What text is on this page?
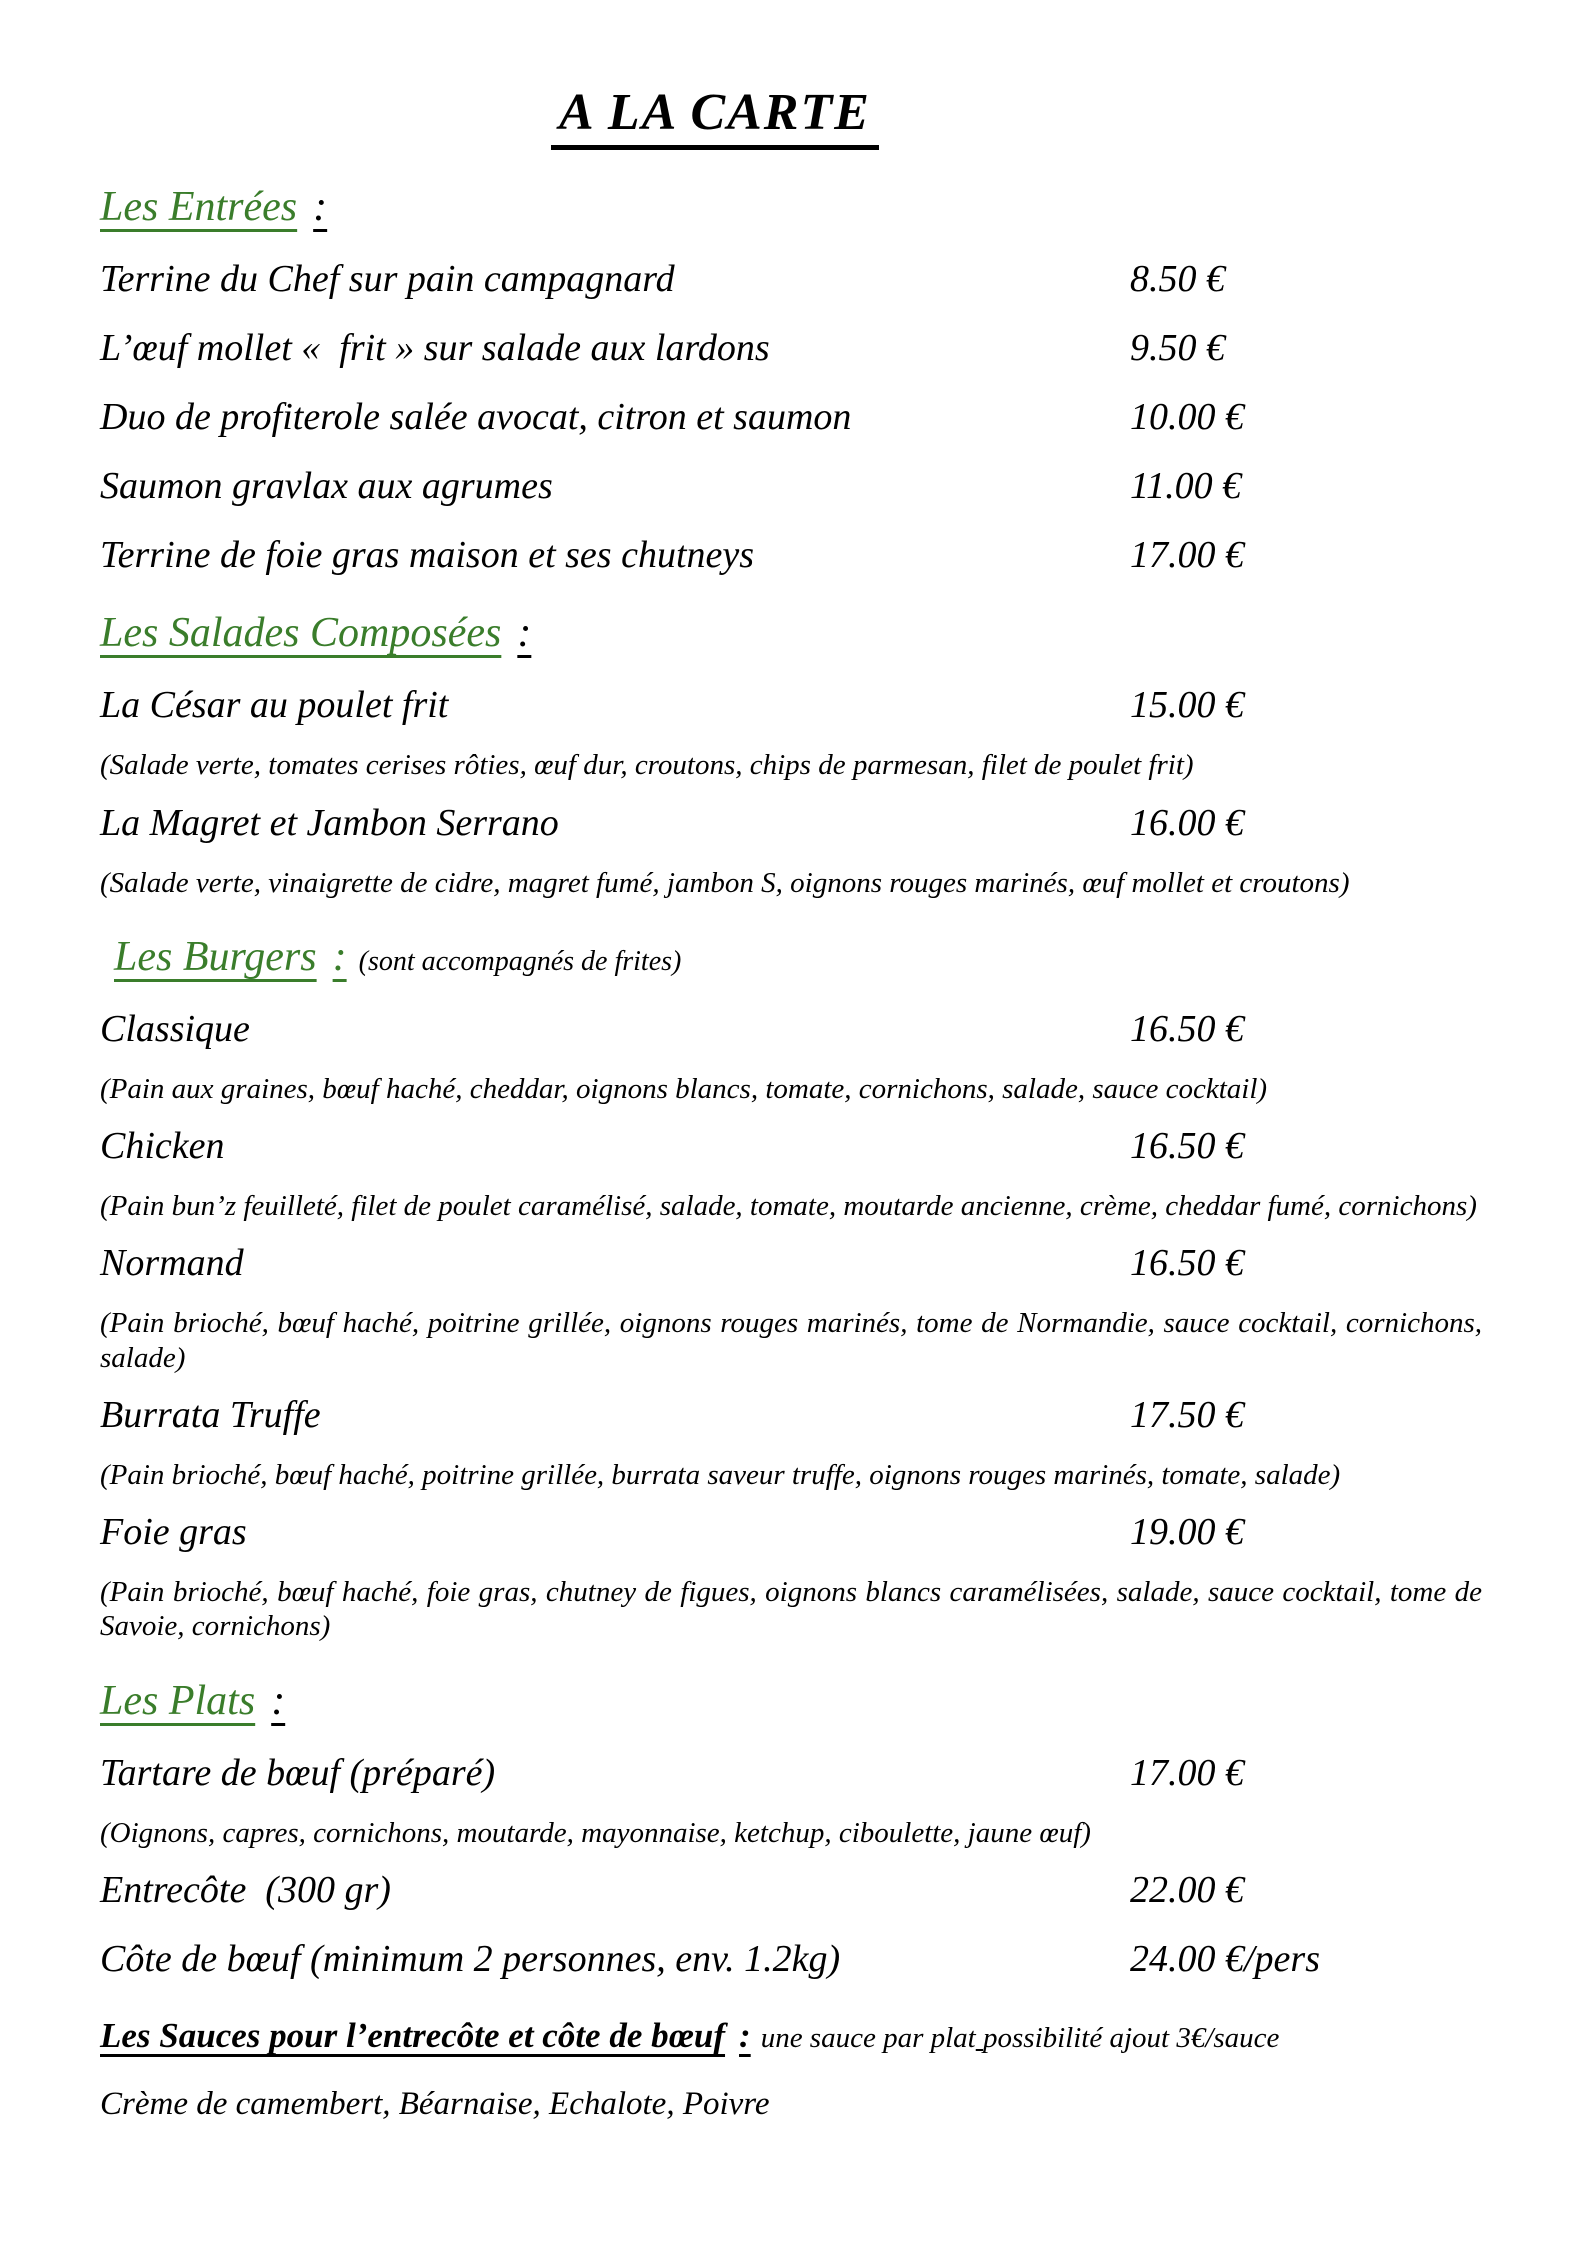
A LA CARTE
Les Entrées :
Terrine du Chef sur pain campagnard	8.50 €
L’œuf mollet «  frit » sur salade aux lardons	9.50 €
Duo de profiterole salée avocat, citron et saumon	10.00 €
Saumon gravlax aux agrumes	11.00 €
Terrine de foie gras maison et ses chutneys	17.00 €
Les Salades Composées :
La César au poulet frit	15.00 €
(Salade verte, tomates cerises rôties, œuf dur, croutons, chips de parmesan, filet de poulet frit)
La Magret et Jambon Serrano	16.00 €
(Salade verte, vinaigrette de cidre, magret fumé, jambon S, oignons rouges marinés, œuf mollet et croutons)
Les Burgers : (sont accompagnés de frites)
Classique	16.50 €
(Pain aux graines, bœuf haché, cheddar, oignons blancs, tomate, cornichons, salade, sauce cocktail)
Chicken	16.50 €
(Pain bun’z feuilleté, filet de poulet caramélisé, salade, tomate, moutarde ancienne, crème, cheddar fumé, cornichons)
Normand	16.50 €
(Pain brioché, bœuf haché, poitrine grillée, oignons rouges marinés, tome de Normandie, sauce cocktail, cornichons, salade)
Burrata Truffe	17.50 €
(Pain brioché, bœuf haché, poitrine grillée, burrata saveur truffe, oignons rouges marinés, tomate, salade)
Foie gras	19.00 €
(Pain brioché, bœuf haché, foie gras, chutney de figues, oignons blancs caramélisées, salade, sauce cocktail, tome de Savoie, cornichons)
Les Plats :
Tartare de bœuf (préparé)	17.00 €
(Oignons, capres, cornichons, moutarde, mayonnaise, ketchup, ciboulette, jaune œuf)
Entrecôte  (300 gr)	22.00 €
Côte de bœuf (minimum 2 personnes, env. 1.2kg)	24.00 €/pers
Les Sauces pour l’entrecôte et côte de bœuf : une sauce par plat possibilité ajout 3€/sauce
Crème de camembert, Béarnaise, Echalote, Poivre
